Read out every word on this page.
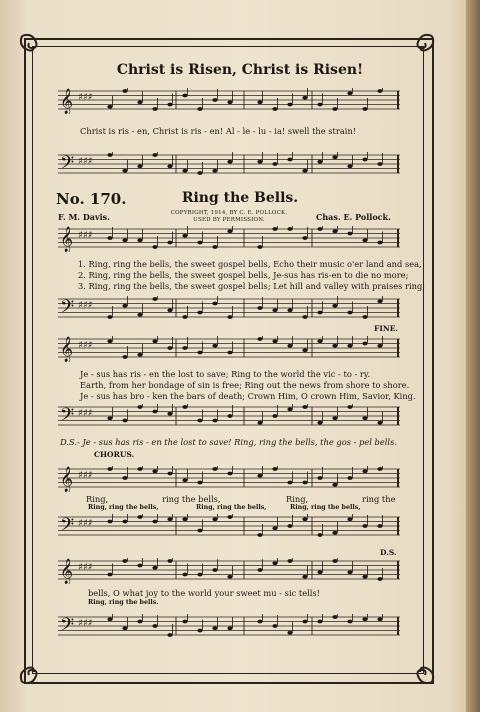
Christ is Risen, Christ is Risen!
𝄞 ♯♯♯
Christ is ris - en, Christ is ris - en! Al - le - lu - ia! swell the strain!
𝄢 ♯♯♯
No. 170.	Ring the Bells.
COPYRIGHT, 1914, BY C. E. POLLOCK.
USED BY PERMISSION.
F. M. Davis.	Chas. E. Pollock.
𝄞 ♯♯♯
1. Ring, ring the bells, the sweet gospel bells, Echo their music o'er land and sea,
2. Ring, ring the bells, the sweet gospel bells, Je-sus has ris-en to die no more;
3. Ring, ring the bells, the sweet gospel bells; Let hill and valley with praises ring;
𝄢 ♯♯♯
FINE.
𝄞 ♯♯♯
Je - sus has ris - en the lost to save; Ring to the world the vic - to - ry.
Earth, from her bondage of sin is free; Ring out the news from shore to shore.
Je - sus has bro - ken the bars of death; Crown Him, O crown Him, Savior, King.
𝄢 ♯♯♯
D.S.- Je - sus has ris - en the lost to save! Ring, ring the bells, the gos - pel bells.
CHORUS.
𝄞 ♯♯♯
Ring,	ring the bells,	Ring,	ring the
Ring, ring the bells,	Ring, ring the bells,	Ring, ring the bells,
𝄢 ♯♯♯
D.S.
𝄞 ♯♯♯
bells, O what joy to the world your sweet mu - sic tells!
Ring, ring the bells.
𝄢 ♯♯♯
